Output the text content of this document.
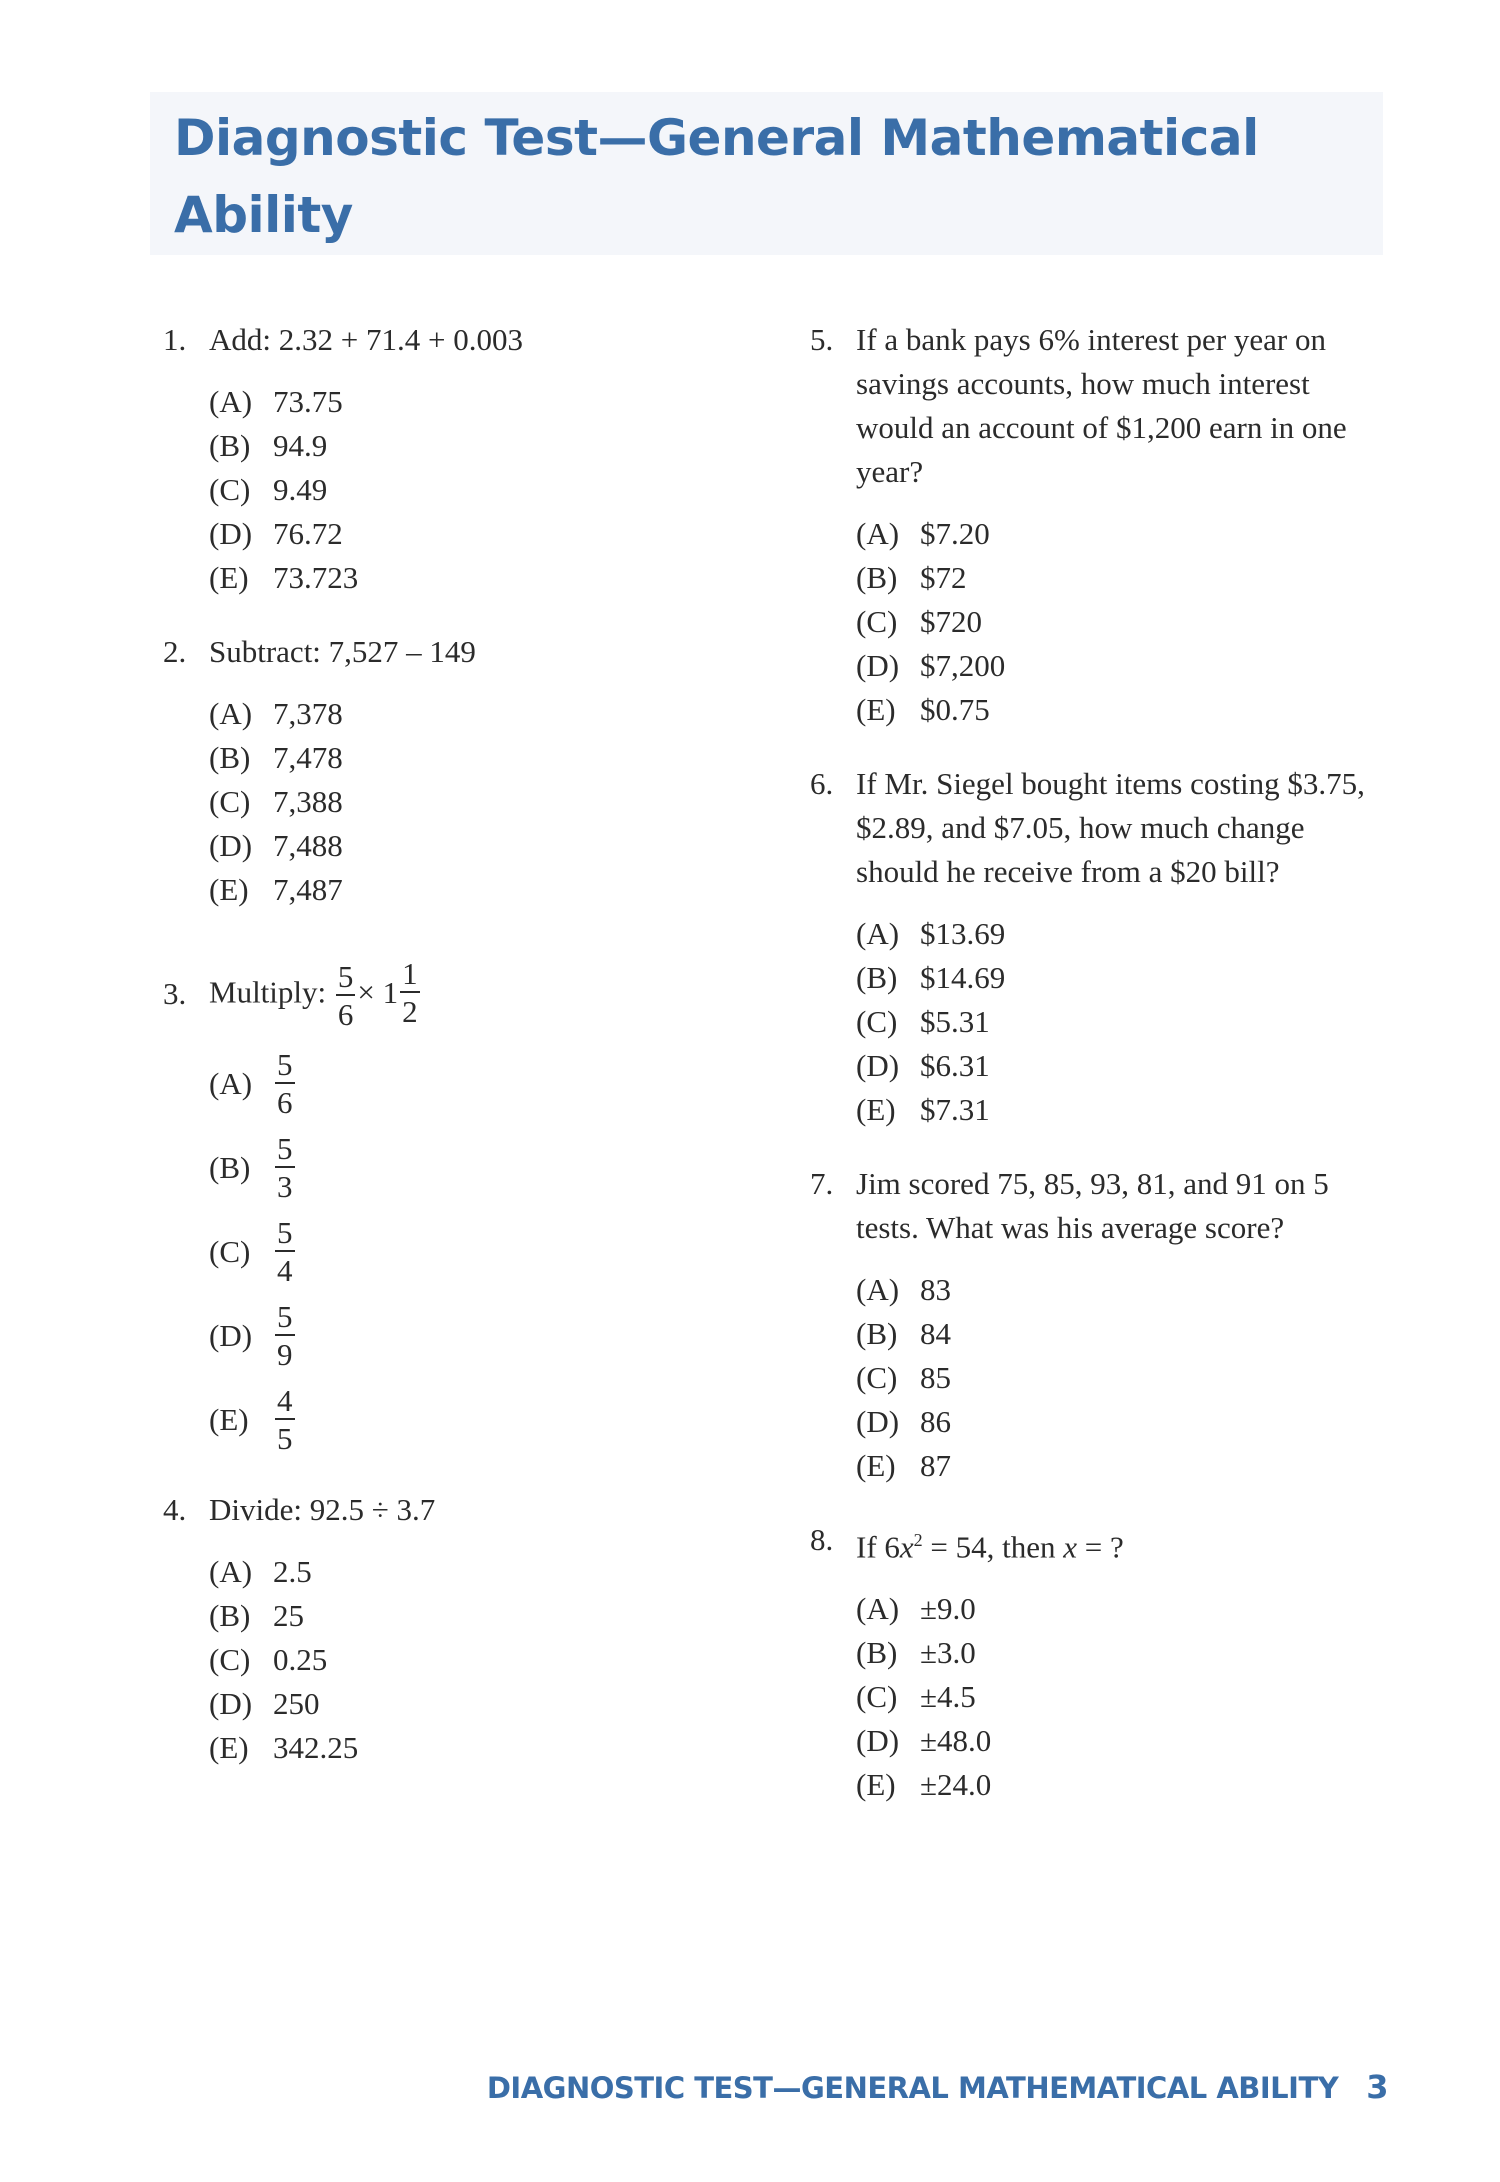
Diagnostic Test—General Mathematical Ability
1. Add: 2.32 + 71.4 + 0.003
(A) 73.75
(B) 94.9
(C) 9.49
(D) 76.72
(E) 73.723
2. Subtract: 7,527 – 149
(A) 7,378
(B) 7,478
(C) 7,388
(D) 7,488
(E) 7,487
3. Multiply: $\frac{5}{6} \times 1 \frac{1}{2}$
$(A) \frac{5}{6}$
$(B) \frac{5}{3}$
$(C) \frac{5}{4}$
$(D) \frac{5}{9}$
$(E) \frac{4}{5}$
4. Divide: 92.5 ÷ 3.7
(A) 2.5
(B) 25
(C) 0.25
(D) 250
(E) 342.25
5. If a bank pays 6% interest per year on savings accounts, how much interest would an account of $1,200 earn in one year?
(A) $7.20
(B) $72
(C) $720
(D) $7,200
(E) $0.75
6. If Mr. Siegel bought items costing $3.75, $2.89, and $7.05, how much change should he receive from a $20 bill?
(A) $13.69
(B) $14.69
(C) $5.31
(D) $6.31
(E) $7.31
7. Jim scored 75, 85, 93, 81, and 91 on 5 tests. What was his average score?
(A) 83
(B) 84
(C) 85
(D) 86
(E) 87
8. If $6x^2 = 54$, then x = ?
(A) ±9.0
(B) ±3.0
(C) ±4.5
(D) ±48.0
(E) ±24.0
DIAGNOSTIC TEST—GENERAL MATHEMATICAL ABILITY 3
